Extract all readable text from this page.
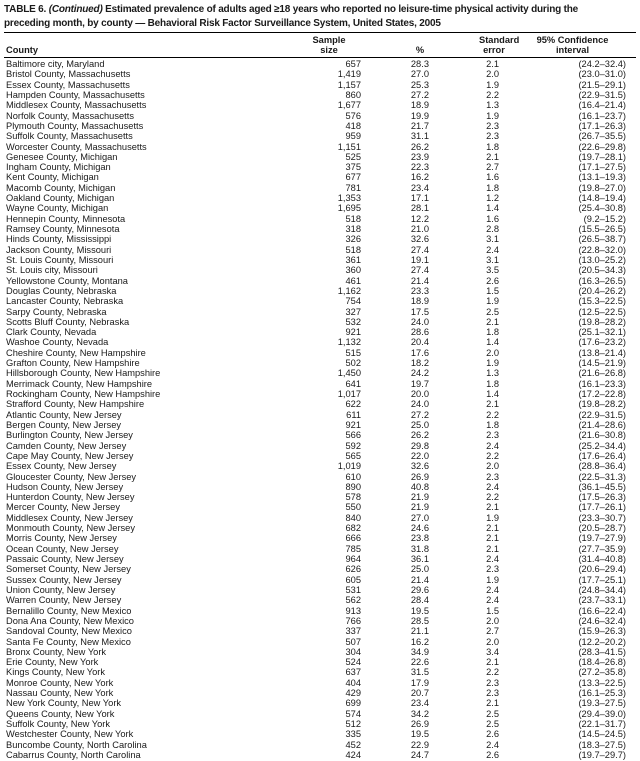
TABLE 6. (Continued) Estimated prevalence of adults aged ≥18 years who reported no leisure-time physical activity during the
preceding month, by county — Behavioral Risk Factor Surveillance System, United States, 2005
County	Sample
size	%	Standard
error	95% Confidence
interval
Baltimore city, Maryland	657	28.3	2.1	(24.2–32.4)
Bristol County, Massachusetts	1,419	27.0	2.0	(23.0–31.0)
Essex County, Massachusetts	1,157	25.3	1.9	(21.5–29.1)
Hampden County, Massachusetts	860	27.2	2.2	(22.9–31.5)
Middlesex County, Massachusetts	1,677	18.9	1.3	(16.4–21.4)
Norfolk County, Massachusetts	576	19.9	1.9	(16.1–23.7)
Plymouth County, Massachusetts	418	21.7	2.3	(17.1–26.3)
Suffolk County, Massachusetts	959	31.1	2.3	(26.7–35.5)
Worcester County, Massachusetts	1,151	26.2	1.8	(22.6–29.8)
Genesee County, Michigan	525	23.9	2.1	(19.7–28.1)
Ingham County, Michigan	375	22.3	2.7	(17.1–27.5)
Kent County, Michigan	677	16.2	1.6	(13.1–19.3)
Macomb County, Michigan	781	23.4	1.8	(19.8–27.0)
Oakland County, Michigan	1,353	17.1	1.2	(14.8–19.4)
Wayne County, Michigan	1,695	28.1	1.4	(25.4–30.8)
Hennepin County, Minnesota	518	12.2	1.6	(9.2–15.2)
Ramsey County, Minnesota	318	21.0	2.8	(15.5–26.5)
Hinds County, Mississippi	326	32.6	3.1	(26.5–38.7)
Jackson County, Missouri	518	27.4	2.4	(22.8–32.0)
St. Louis County, Missouri	361	19.1	3.1	(13.0–25.2)
St. Louis city, Missouri	360	27.4	3.5	(20.5–34.3)
Yellowstone County, Montana	461	21.4	2.6	(16.3–26.5)
Douglas County, Nebraska	1,162	23.3	1.5	(20.4–26.2)
Lancaster County, Nebraska	754	18.9	1.9	(15.3–22.5)
Sarpy County, Nebraska	327	17.5	2.5	(12.5–22.5)
Scotts Bluff County, Nebraska	532	24.0	2.1	(19.8–28.2)
Clark County, Nevada	921	28.6	1.8	(25.1–32.1)
Washoe County, Nevada	1,132	20.4	1.4	(17.6–23.2)
Cheshire County, New Hampshire	515	17.6	2.0	(13.8–21.4)
Grafton County, New Hampshire	502	18.2	1.9	(14.5–21.9)
Hillsborough County, New Hampshire	1,450	24.2	1.3	(21.6–26.8)
Merrimack County, New Hampshire	641	19.7	1.8	(16.1–23.3)
Rockingham County, New Hampshire	1,017	20.0	1.4	(17.2–22.8)
Strafford County, New Hampshire	622	24.0	2.1	(19.8–28.2)
Atlantic County, New Jersey	611	27.2	2.2	(22.9–31.5)
Bergen County, New Jersey	921	25.0	1.8	(21.4–28.6)
Burlington County, New Jersey	566	26.2	2.3	(21.6–30.8)
Camden County, New Jersey	592	29.8	2.4	(25.2–34.4)
Cape May County, New Jersey	565	22.0	2.2	(17.6–26.4)
Essex County, New Jersey	1,019	32.6	2.0	(28.8–36.4)
Gloucester County, New Jersey	610	26.9	2.3	(22.5–31.3)
Hudson County, New Jersey	890	40.8	2.4	(36.1–45.5)
Hunterdon County, New Jersey	578	21.9	2.2	(17.5–26.3)
Mercer County, New Jersey	550	21.9	2.1	(17.7–26.1)
Middlesex County, New Jersey	840	27.0	1.9	(23.3–30.7)
Monmouth County, New Jersey	682	24.6	2.1	(20.5–28.7)
Morris County, New Jersey	666	23.8	2.1	(19.7–27.9)
Ocean County, New Jersey	785	31.8	2.1	(27.7–35.9)
Passaic County, New Jersey	964	36.1	2.4	(31.4–40.8)
Somerset County, New Jersey	626	25.0	2.3	(20.6–29.4)
Sussex County, New Jersey	605	21.4	1.9	(17.7–25.1)
Union County, New Jersey	531	29.6	2.4	(24.8–34.4)
Warren County, New Jersey	562	28.4	2.4	(23.7–33.1)
Bernalillo County, New Mexico	913	19.5	1.5	(16.6–22.4)
Dona Ana County, New Mexico	766	28.5	2.0	(24.6–32.4)
Sandoval County, New Mexico	337	21.1	2.7	(15.9–26.3)
Santa Fe County, New Mexico	507	16.2	2.0	(12.2–20.2)
Bronx County, New York	304	34.9	3.4	(28.3–41.5)
Erie County, New York	524	22.6	2.1	(18.4–26.8)
Kings County, New York	637	31.5	2.2	(27.2–35.8)
Monroe County, New York	404	17.9	2.3	(13.3–22.5)
Nassau County, New York	429	20.7	2.3	(16.1–25.3)
New York County, New York	699	23.4	2.1	(19.3–27.5)
Queens County, New York	574	34.2	2.5	(29.4–39.0)
Suffolk County, New York	512	26.9	2.5	(22.1–31.7)
Westchester County, New York	335	19.5	2.6	(14.5–24.5)
Buncombe County, North Carolina	452	22.9	2.4	(18.3–27.5)
Cabarrus County, North Carolina	424	24.7	2.6	(19.7–29.7)
